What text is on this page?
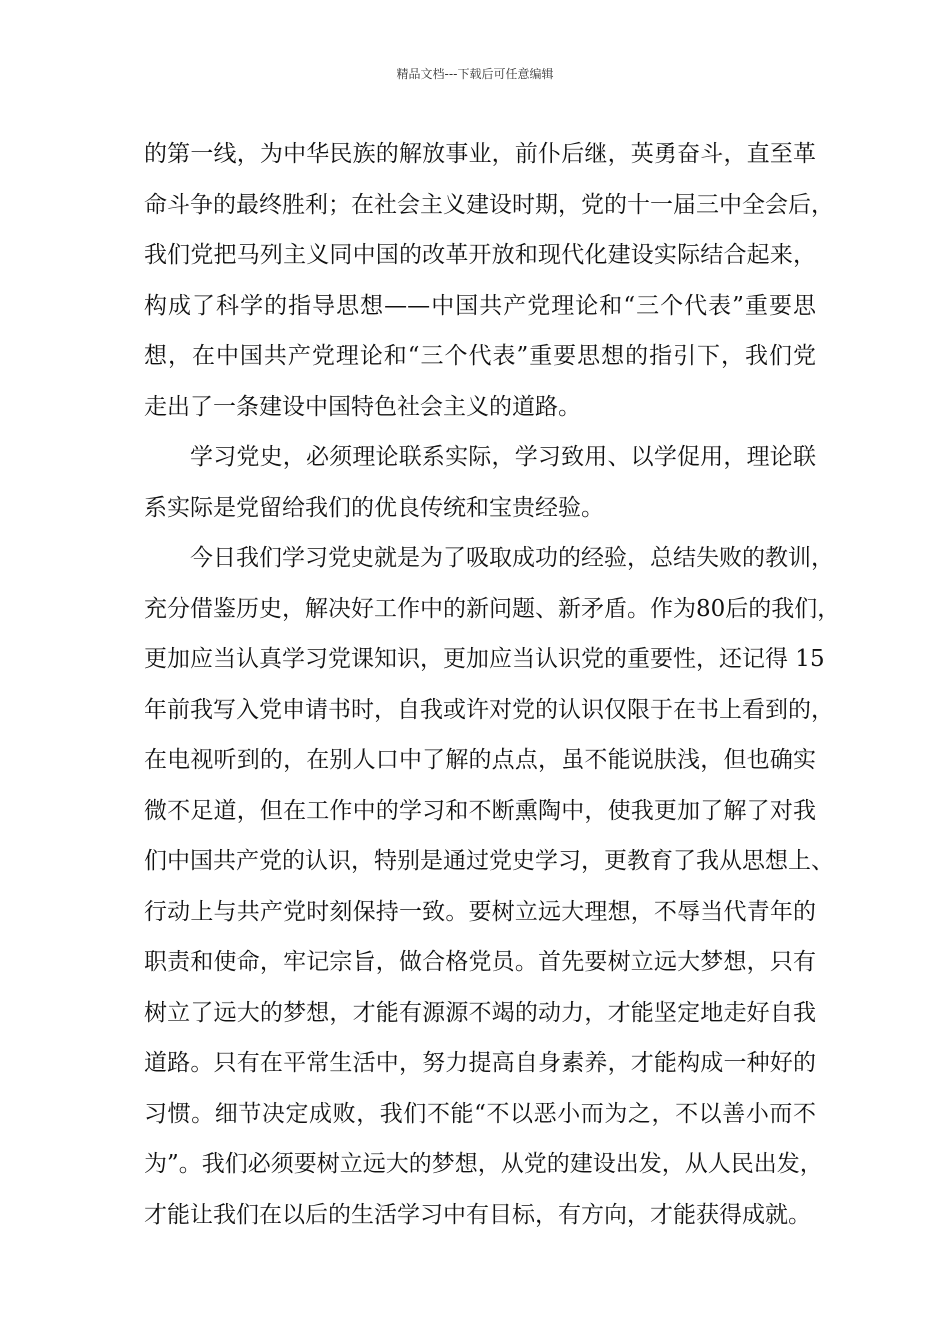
精品文档---下载后可任意编辑
的第一线，为中华民族的解放事业，前仆后继，英勇奋斗，直至革
命斗争的最终胜利；在社会主义建设时期，党的十一届三中全会后，
我们党把马列主义同中国的改革开放和现代化建设实际结合起来，
构成了科学的指导思想——中国共产党理论和“三个代表”重要思
想，在中国共产党理论和“三个代表”重要思想的指引下，我们党
走出了一条建设中国特色社会主义的道路。
学习党史，必须理论联系实际，学习致用、以学促用，理论联
系实际是党留给我们的优良传统和宝贵经验。
今日我们学习党史就是为了吸取成功的经验，总结失败的教训，
充分借鉴历史，解决好工作中的新问题、新矛盾。作为80后的我们，
更加应当认真学习党课知识，更加应当认识党的重要性，还记得 15
年前我写入党申请书时，自我或许对党的认识仅限于在书上看到的，
在电视听到的，在别人口中了解的点点，虽不能说肤浅，但也确实
微不足道，但在工作中的学习和不断熏陶中，使我更加了解了对我
们中国共产党的认识，特别是通过党史学习，更教育了我从思想上、
行动上与共产党时刻保持一致。要树立远大理想，不辱当代青年的
职责和使命，牢记宗旨，做合格党员。首先要树立远大梦想，只有
树立了远大的梦想，才能有源源不竭的动力，才能坚定地走好自我
道路。只有在平常生活中，努力提高自身素养，才能构成一种好的
习惯。细节决定成败，我们不能“不以恶小而为之，不以善小而不
为”。我们必须要树立远大的梦想，从党的建设出发，从人民出发，
才能让我们在以后的生活学习中有目标，有方向，才能获得成就。
